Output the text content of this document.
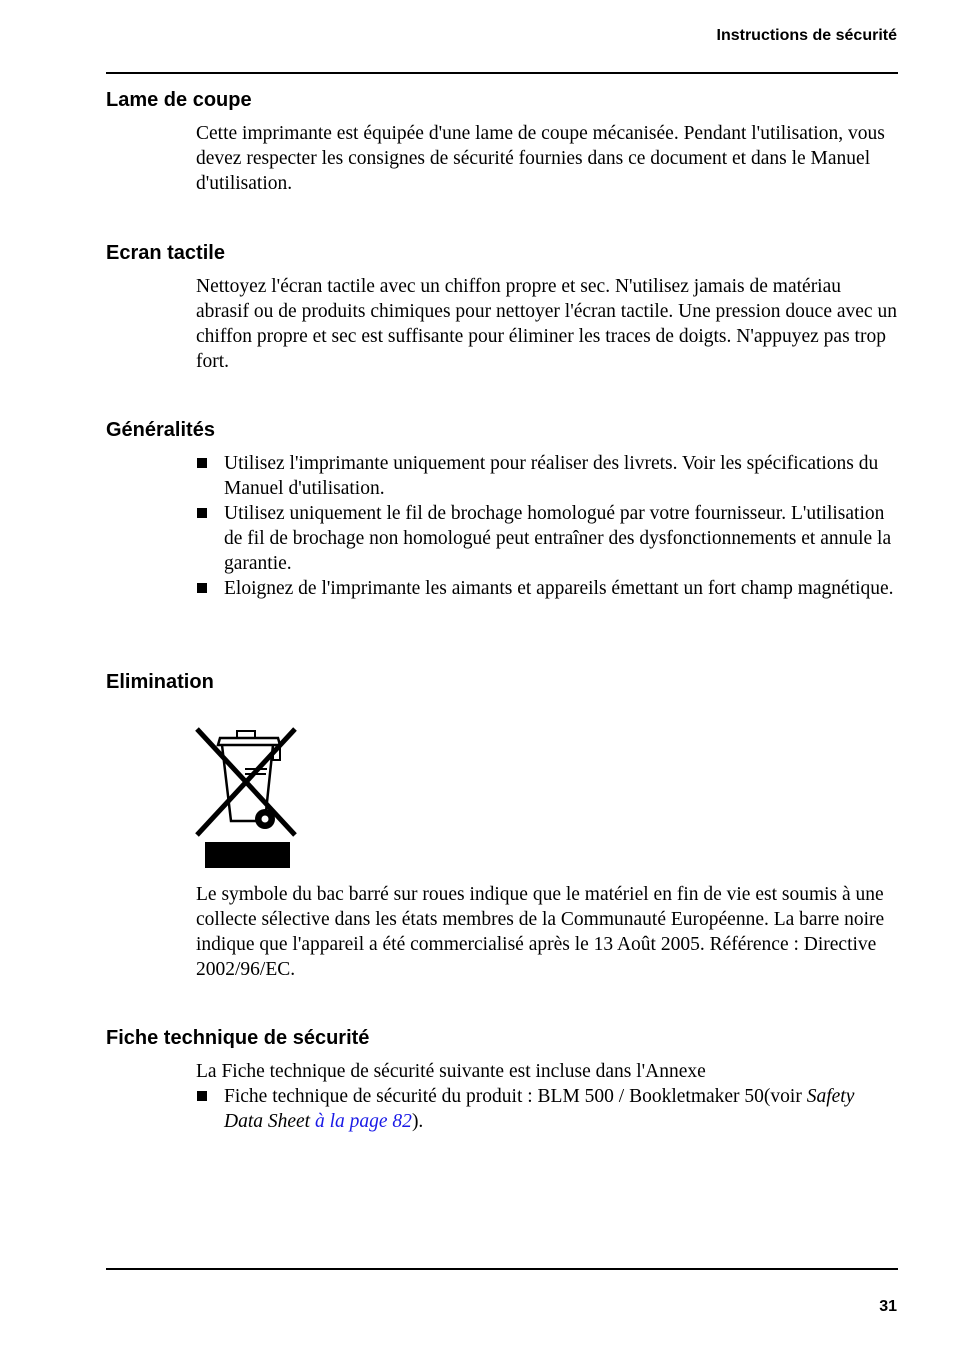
Instructions de sécurité
Lame de coupe
Cette imprimante est équipée d'une lame de coupe mécanisée. Pendant l'utilisation, vous devez respecter les consignes de sécurité fournies dans ce document et dans le Manuel d'utilisation.
Ecran tactile
Nettoyez l'écran tactile avec un chiffon propre et sec. N'utilisez jamais de matériau abrasif ou de produits chimiques pour nettoyer l'écran tactile. Une pression douce avec un chiffon propre et sec est suffisante pour éliminer les traces de doigts. N'appuyez pas trop fort.
Généralités
Utilisez l'imprimante uniquement pour réaliser des livrets. Voir les spécifications du Manuel d'utilisation.
Utilisez uniquement le fil de brochage homologué par votre fournisseur. L'utilisation de fil de brochage non homologué peut entraîner des dysfonctionnements et annule la garantie.
Eloignez de l'imprimante les aimants et appareils émettant un fort champ magnétique.
Elimination
Le symbole du bac barré sur roues indique que le matériel en fin de vie est soumis à une collecte sélective dans les états membres de la Communauté Européenne. La barre noire indique que l'appareil a été commercialisé après le 13 Août 2005. Référence : Directive 2002/96/EC.
Fiche technique de sécurité
La Fiche technique de sécurité suivante est incluse dans l'Annexe
Fiche technique de sécurité du produit : BLM 500 / Bookletmaker 50(voir Safety Data Sheet à la page 82).
31
